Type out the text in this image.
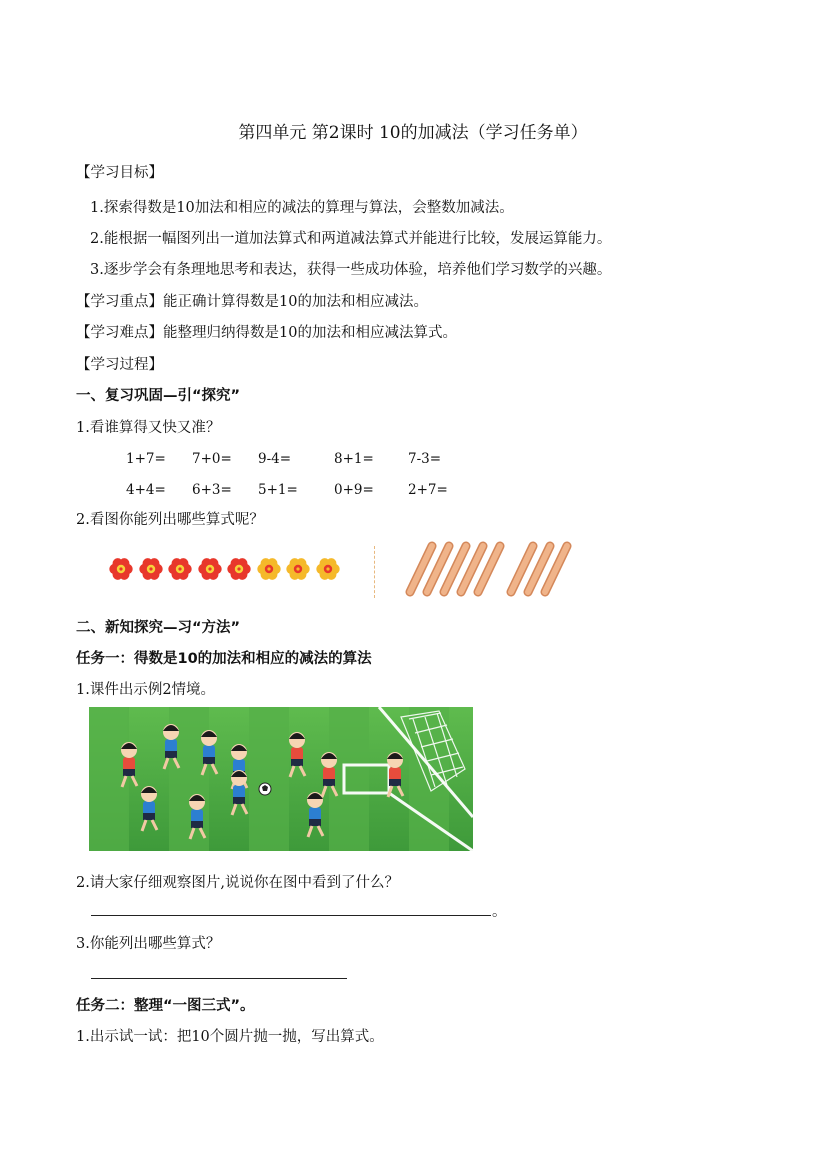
第四单元 第2课时 10的加减法（学习任务单）
【学习目标】
1.探索得数是10加法和相应的减法的算理与算法，会整数加减法。
2.能根据一幅图列出一道加法算式和两道减法算式并能进行比较，发展运算能力。
3.逐步学会有条理地思考和表达，获得一些成功体验，培养他们学习数学的兴趣。
【学习重点】能正确计算得数是10的加法和相应减法。
【学习难点】能整理归纳得数是10的加法和相应减法算式。
【学习过程】
一、复习巩固—引“探究”
1.看谁算得又快又准？
1+7= 7+0= 9-4=	8+1=	7-3=
4+4= 6+3= 5+1=	0+9=	2+7=
2.看图你能列出哪些算式呢？
二、新知探究—习“方法”
任务一：得数是10的加法和相应的减法的算法
1.课件出示例2情境。
2.请大家仔细观察图片,说说你在图中看到了什么？
。
3.你能列出哪些算式？
任务二：整理“一图三式”。
1.出示试一试：把10个圆片抛一抛，写出算式。
